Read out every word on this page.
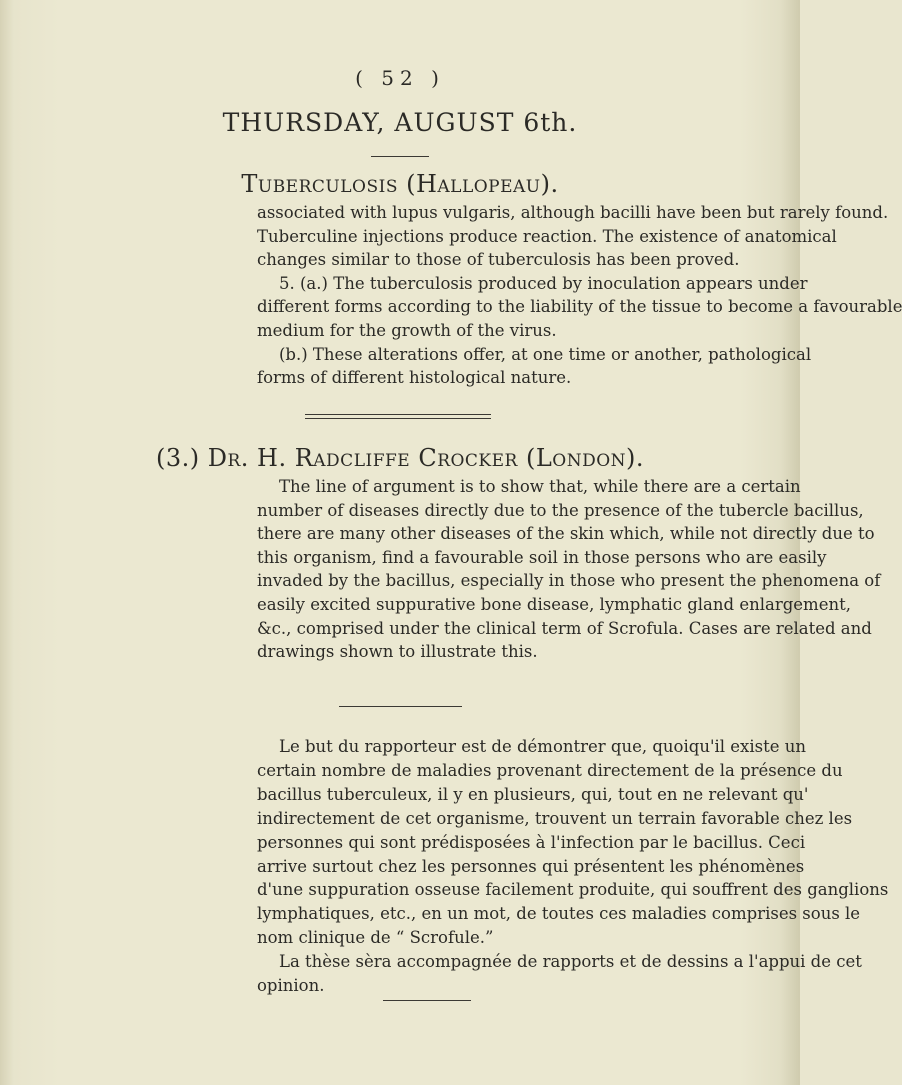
( 52 )
THURSDAY, AUGUST 6th.
Tuberculosis (Hallopeau).
associated with lupus vulgaris, although bacilli have been but rarely found.
Tuberculine injections produce reaction. The existence of anatomical
changes similar to those of tuberculosis has been proved.
5. (a.) The tuberculosis produced by inoculation appears under
different forms according to the liability of the tissue to become a favourable
medium for the growth of the virus.
(b.) These alterations offer, at one time or another, pathological
forms of different histological nature.
(3.) Dr. H. Radcliffe Crocker (London).
The line of argument is to show that, while there are a certain
number of diseases directly due to the presence of the tubercle bacillus,
there are many other diseases of the skin which, while not directly due to
this organism, find a favourable soil in those persons who are easily
invaded by the bacillus, especially in those who present the phenomena of
easily excited suppurative bone disease, lymphatic gland enlargement,
&c., comprised under the clinical term of Scrofula. Cases are related and
drawings shown to illustrate this.
Le but du rapporteur est de démontrer que, quoiqu'il existe un
certain nombre de maladies provenant directement de la présence du
bacillus tuberculeux, il y en plusieurs, qui, tout en ne relevant qu'
indirectement de cet organisme, trouvent un terrain favorable chez les
personnes qui sont prédisposées à l'infection par le bacillus. Ceci
arrive surtout chez les personnes qui présentent les phénomènes
d'une suppuration osseuse facilement produite, qui souffrent des ganglions
lymphatiques, etc., en un mot, de toutes ces maladies comprises sous le
nom clinique de “ Scrofule.”
La thèse sèra accompagnée de rapports et de dessins a l'appui de cet
opinion.
